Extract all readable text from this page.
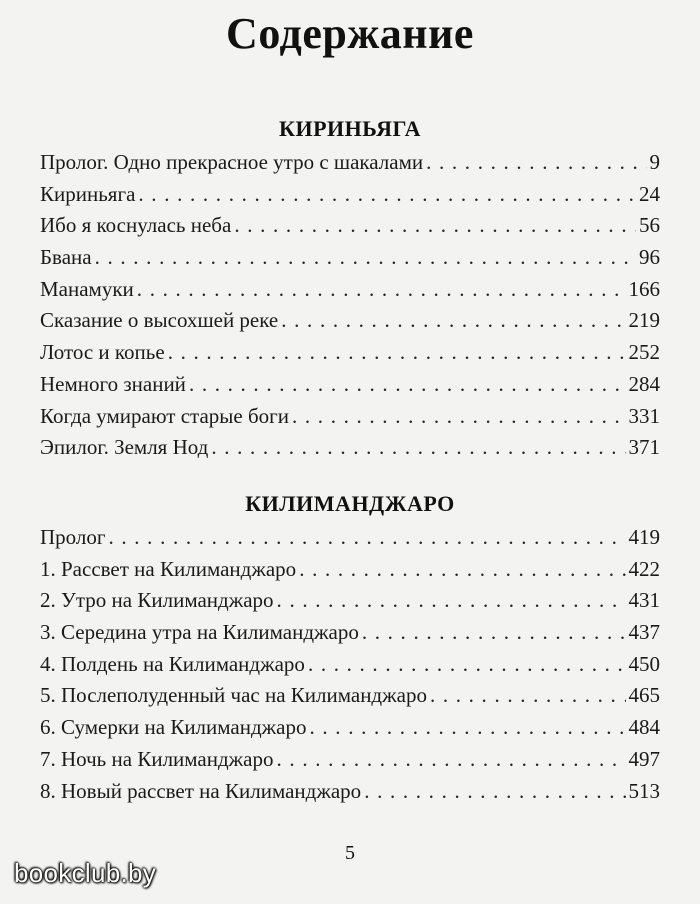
Содержание
КИРИНЬЯГА
Пролог. Одно прекрасное утро с шакалами . . .	9
Кириньяга . . .	24
Ибо я коснулась неба . . .	56
Бвана . . .	96
Манамуки . . .	166
Сказание о высохшей реке . . .	219
Лотос и копье . . .	252
Немного знаний . . .	284
Когда умирают старые боги . . .	331
Эпилог. Земля Нод . . .	371
КИЛИМАНДЖАРО
Пролог . . .	419
1. Рассвет на Килиманджаро . . .	422
2. Утро на Килиманджаро . . .	431
3. Середина утра на Килиманджаро . . .	437
4. Полдень на Килиманджаро . . .	450
5. Послеполуденный час на Килиманджаро . . .	465
6. Сумерки на Килиманджаро . . .	484
7. Ночь на Килиманджаро . . .	497
8. Новый рассвет на Килиманджаро . . .	513
5
bookclub.by
